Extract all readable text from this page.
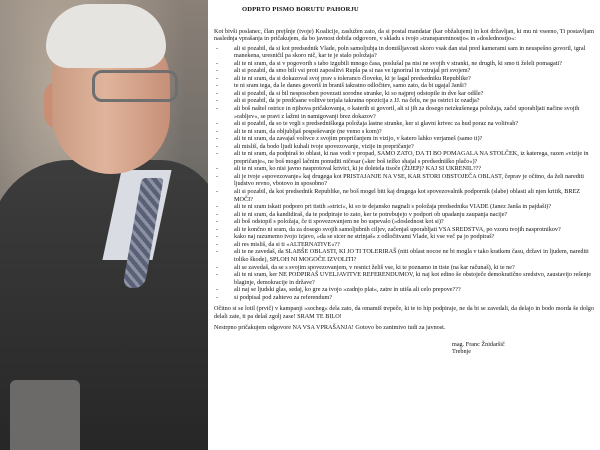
ODPRTO PISMO BORUTU PAHORJU
Kot bivši poslanec, član prejšnje (tvoje) Koalicije, zaslužen zato, da si postal mandatar (kar obžalujem) in kot državljan, ki mu ni vseeno, Ti postavljam naslednja vprašanja in pričakujem, da bo javnost dobila odgovore, v skladu s tvojo »transparentnostjo« in »doslednostjo«:
- ali si pozabil, da si kot predsednik Vlade, poln samoljubja in domišljavosti skoro vsak dan stal pred kamerami sam in neuspešno govoril, igral manekena, uresničil pa skoro nič, kar te je stalo položaja?
- ali te ni sram, da si v pogovorih s tabo izgubili mnogo časa, poslušal pa nisi ne svojih v stranki, ne drugih, ki smo ti želeli pomagati?
- ali si pozabil, da smo bili vsi proti zaposlitvi Rupla pa si nas ve ignoriral in vztrajal pri svojem?
- ali te ni sram, da si dokazoval svoj prav s toleranco človeku, ki je lagal predsedniku Republike?
- te ni sram tega, da le danes govoriš in braniš takratno odločitev, samo zato, da bi ugajal Janši?
- ali si pozabil, da si bil nesposoben povezati sorodne stranke, ki so najprej odstopile in dve kar odšle?
- ali si pozabil, da je predčasne volitve terjala takratna opozicija z JJ. na čelu, ne pa ostrici iz ozadja?
- ali boš naštel ostrice in njihova pričakovanja, o katerih si govoril, ali si jih za dosego neizkušenega položaja, začel uporabljati načine svojih »rabljev«, se pravi z lažmi in namigovanji brez dokazov?
- ali si pozabil, da so te vrgli s predsedniškega položaja lastne stranke, ker si glavni krivec za hud poraz na volitvah?
- ali te ni sram, da obljubljaš pospeševanje (ne vemo s kom)?
- ali te ni sram, da zavajaš volivce z svojim prepričanjem in vizijo, v katero lahko verjameš (samo ti)?
- ali misliš, da bodo ljudi kuhali tvoje spovezovanje, vizije in prepričanje?
- ali te ni sram, da podpiraš to oblast, ki nas vodi v propad, SAMO ZATO, DA TI BO POMAGALA NA STOLČEK, iz katerega, razen »vizije in prepričanje«, ne boš mogel lačnim ponuditi ničesar (»ker boš težko shajal s predsedniško plačo«)?
- ali te ni sram, ko nisi javno nasprotoval krivici, ki je doletela tisoče (ŽIJEP)? KAJ SI UKRENIL???
- ali je tvoje »spovezovanje« kaj drugega kot PRISTAJANJE NA VSE, KAR STORI OBSTOJEČA OBLAST, čeprav je očitno, da želi narediti ljudstvo revno, vbotovo in sposobno?
- ali si pozabil, da kot predsednik Republike, ne boš mogel biti kaj drugega kot spovezovalnik podpornik (slabe) oblasti ali njen kritik, BREZ MOČI?
- ali te ni sram iskati podporo pri tistih »strici«, ki so te dejansko nagnali s položaja predsednika VIADE (Janez Janša in pajdaši)?
- ali te ni sram, da kandidiraš, da te podpiraje to zato, ker te potrebujejo v podpori ob upadanju zaupanja nacije?
- ali boš odstopil s položaja, če ti spovezovanjem ne bo uspevalo (»doslednost kot si)?
- ali te končno ni sram, da za dosego svojih samoljubnih ciljev, začenjaš uporabljati VSA SREDSTVA, po vzoru tvojih nasprotnikov?
- kako naj razumemo tvojo izjavo, »da se sicer ne strinjaš« z odločitvami Vlade, ki vse več pa jo podpiraš?
- ali res misliš, da si ti »ALTERNATIVE«??
- ali te ne zavedaš, da SLABŠE OBLASTI, KI JO TI TOLERIRAŠ (niti oblast nocoe ne bi mogla v tako kratkem času, državi in ljudem, narediti toliko škode), SPLOH NI MOGOČE IZVOLITI?
- ali se zavedaš, da se s svojim spovezovanjem, v resnici želiš vse, ki te poznamo in tiste (na kar računaš), ki te ne?
- ali te ni sram, ker NE PODPIRAŠ UVELJAVITVE REFERENDUMOV, ki naj kot edino še obstoječe demokratično sredstvo, zaustavijo rešenje blaginje, demokracije in države?
- ali naj se ljudski glas, sedaj, ko gre za tvojo »zadnjo plat«, zatre in utiša ali celo prepove???
- si podpisal pod zahtevo za referendum?
Očitno si se lotil (prvič) v kampanji »socheg« dela zato, da omamiš trepeče, ki te to hip podpiraje, ne da bi se zavedali, da delajo in bodo morda še dolgo delali zate, ti pa delaš zgolj zase! SRAM TE BILO!
Nestrpno pričakujem odgovore NA VSA VPRAŠANJA! Gotovo bo zanimivo tudi za javnost.
mag. Franc Žnidaršič
Trebnje
